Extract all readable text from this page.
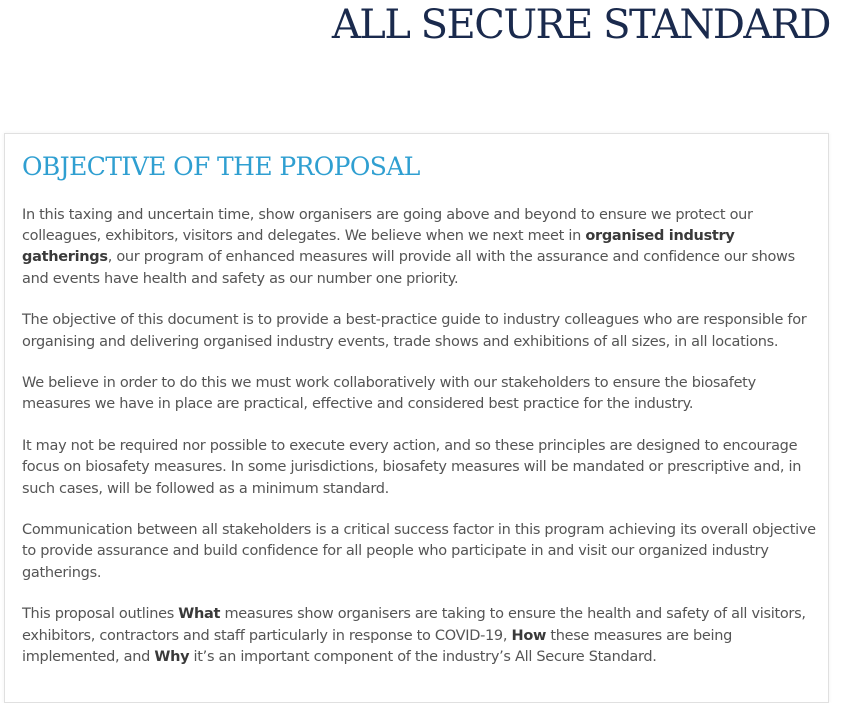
ALL SECURE STANDARD
OBJECTIVE OF THE PROPOSAL

In this taxing and uncertain time, show organisers are going above and beyond to ensure we protect our colleagues, exhibitors, visitors and delegates. We believe when we next meet in organised industry gatherings, our program of enhanced measures will provide all with the assurance and confidence our shows and events have health and safety as our number one priority.

The objective of this document is to provide a best-practice guide to industry colleagues who are responsible for organising and delivering organised industry events, trade shows and exhibitions of all sizes, in all locations.

We believe in order to do this we must work collaboratively with our stakeholders to ensure the biosafety measures we have in place are practical, effective and considered best practice for the industry.

It may not be required nor possible to execute every action, and so these principles are designed to encourage focus on biosafety measures. In some jurisdictions, biosafety measures will be mandated or prescriptive and, in such cases, will be followed as a minimum standard.

Communication between all stakeholders is a critical success factor in this program achieving its overall objective to provide assurance and build confidence for all people who participate in and visit our organized industry gatherings.

This proposal outlines What measures show organisers are taking to ensure the health and safety of all visitors, exhibitors, contractors and staff particularly in response to COVID-19, How these measures are being implemented, and Why it’s an important component of the industry’s All Secure Standard.
